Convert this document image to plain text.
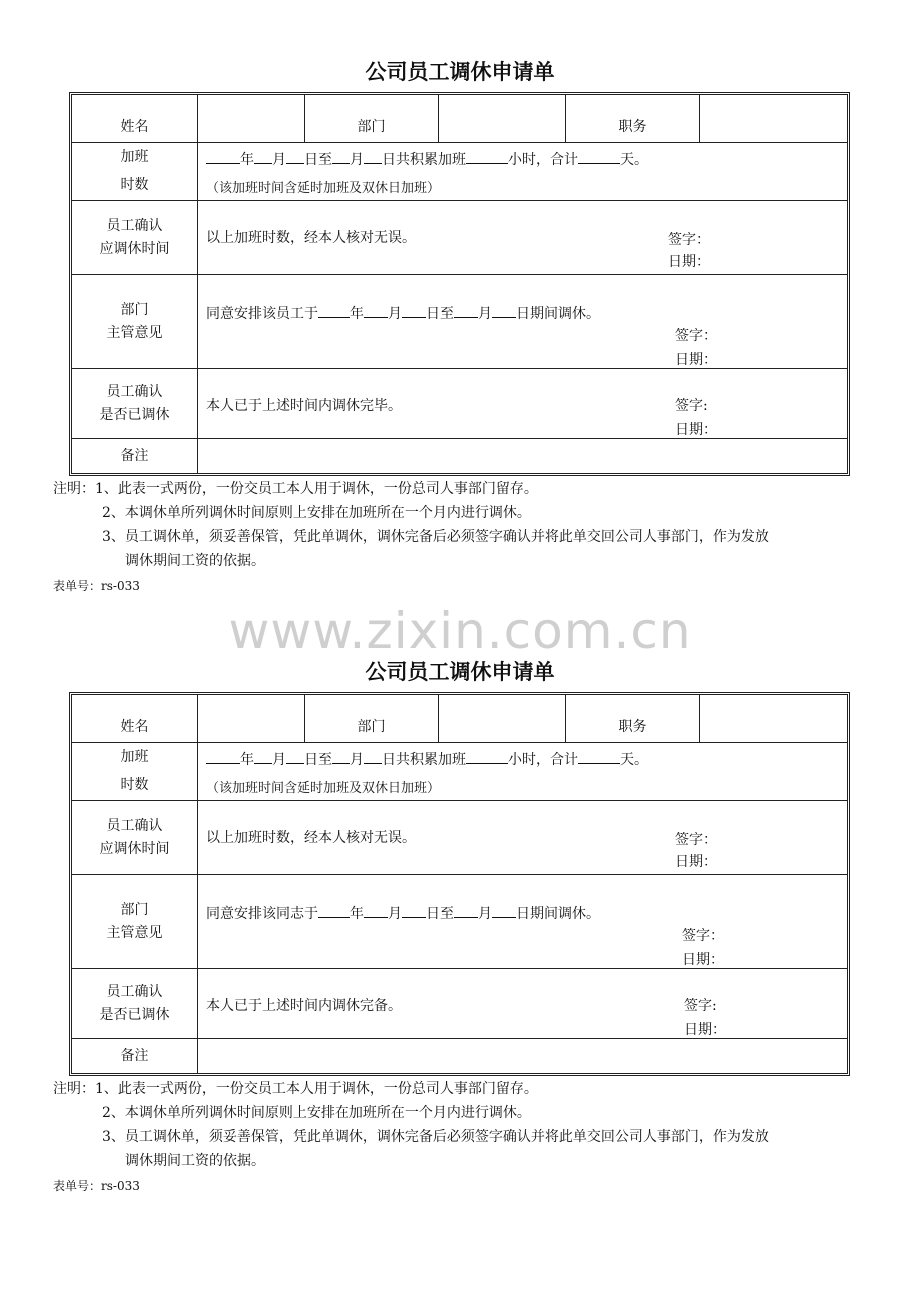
公司员工调休申请单
姓名	部门	职务
加班
时数
年 月 日至 月 日共积累加班	小时，合计	天。
（该加班时间含延时加班及双休日加班）
员工确认
应调休时间
以上加班时数，经本人核对无误。	签字：
日期：
部门
主管意见
同意安排该员工于 年 月 日至 月 日期间调休。
签字：
日期：
员工确认
是否已调休
本人已于上述时间内调休完毕。	签字:
日期：
备注
注明：1、此表一式两份，一份交员工本人用于调休，一份总司人事部门留存。
2、本调休单所列调休时间原则上安排在加班所在一个月内进行调休。
3、员工调休单，须妥善保管，凭此单调休，调休完备后必须签字确认并将此单交回公司人事部门，作为发放
调休期间工资的依据。
表单号：rs-033
www.zixin.com.cn
公司员工调休申请单
姓名	部门	职务
加班
时数
年 月 日至 月 日共积累加班	小时，合计	天。
（该加班时间含延时加班及双休日加班）
员工确认
应调休时间
以上加班时数，经本人核对无误。	签字：
日期：
部门
主管意见
同意安排该同志于 年 月 日至 月 日期间调休。
签字：
日期：
员工确认
是否已调休
本人已于上述时间内调休完备。	签字:
日期：
备注
注明：1、此表一式两份，一份交员工本人用于调休，一份总司人事部门留存。
2、本调休单所列调休时间原则上安排在加班所在一个月内进行调休。
3、员工调休单，须妥善保管，凭此单调休，调休完备后必须签字确认并将此单交回公司人事部门，作为发放
调休期间工资的依据。
表单号：rs-033
